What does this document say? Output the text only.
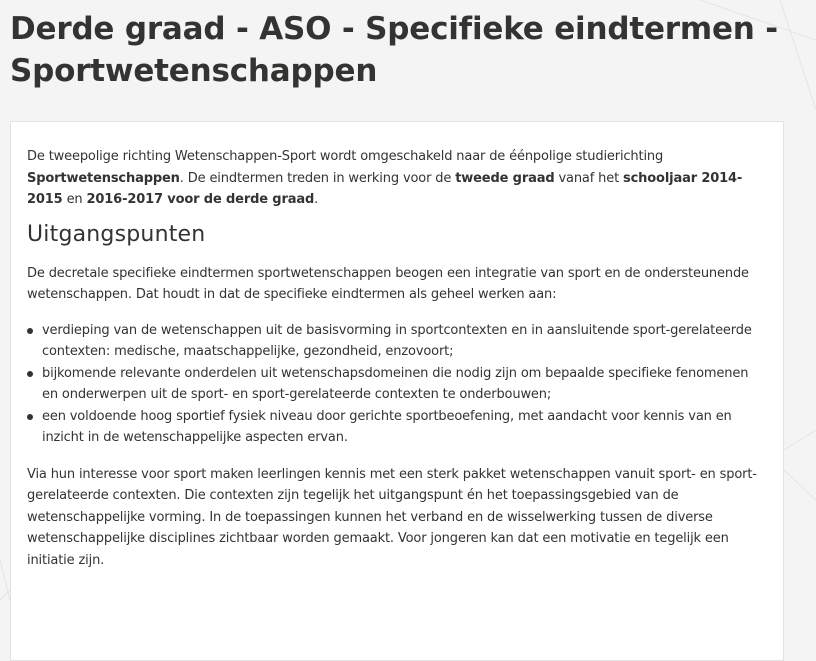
Derde graad - ASO - Specifieke eindtermen - Sportwetenschappen

De tweepolige richting Wetenschappen-Sport wordt omgeschakeld naar de éénpolige studierichting Sportwetenschappen. De eindtermen treden in werking voor de tweede graad vanaf het schooljaar 2014-2015 en 2016-2017 voor de derde graad.

Uitgangspunten

De decretale specifieke eindtermen sportwetenschappen beogen een integratie van sport en de ondersteunende wetenschappen. Dat houdt in dat de specifieke eindtermen als geheel werken aan:

verdieping van de wetenschappen uit de basisvorming in sportcontexten en in aansluitende sport-gerelateerde contexten: medische, maatschappelijke, gezondheid, enzovoort;
bijkomende relevante onderdelen uit wetenschapsdomeinen die nodig zijn om bepaalde specifieke fenomenen en onderwerpen uit de sport- en sport-gerelateerde contexten te onderbouwen;
een voldoende hoog sportief fysiek niveau door gerichte sportbeoefening, met aandacht voor kennis van en inzicht in de wetenschappelijke aspecten ervan.

Via hun interesse voor sport maken leerlingen kennis met een sterk pakket wetenschappen vanuit sport- en sport-gerelateerde contexten. Die contexten zijn tegelijk het uitgangspunt én het toepassingsgebied van de wetenschappelijke vorming. In de toepassingen kunnen het verband en de wisselwerking tussen de diverse wetenschappelijke disciplines zichtbaar worden gemaakt. Voor jongeren kan dat een motivatie en tegelijk een initiatie zijn.
